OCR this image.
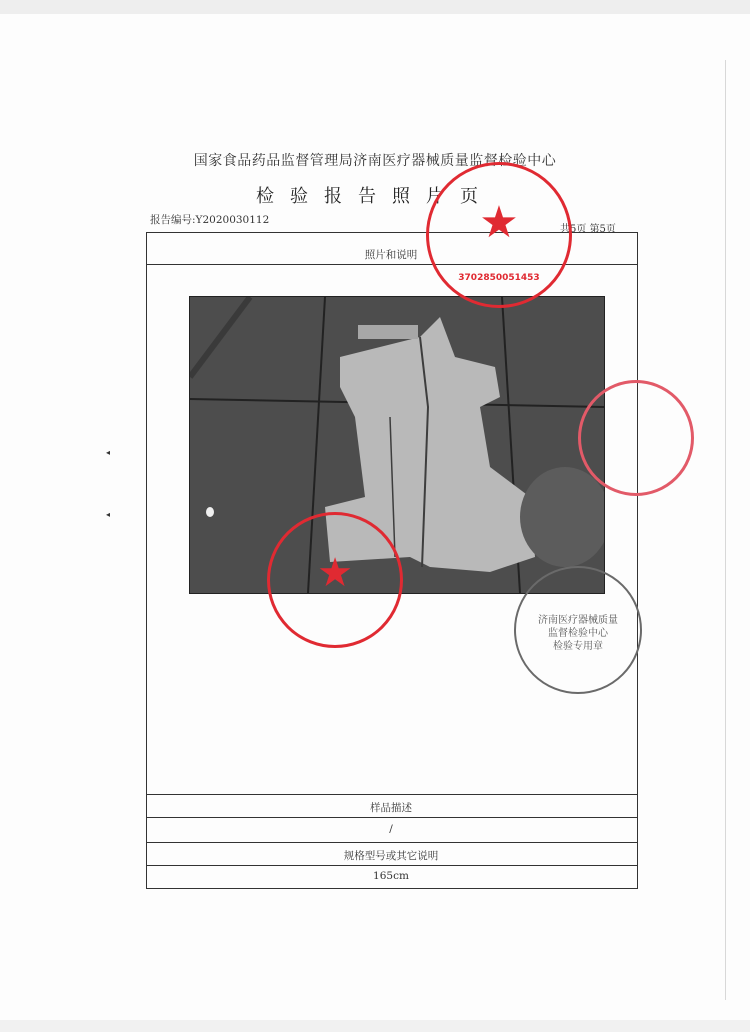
国家食品药品监督管理局济南医疗器械质量监督检验中心
检验报告照片页
报告编号:Y2020030112
共5页 第5页
照片和说明
◂
◂
样品描述
/
规格型号或其它说明
165cm
★
3702850051453
★
济南医疗器械质量
监督检验中心
检验专用章
